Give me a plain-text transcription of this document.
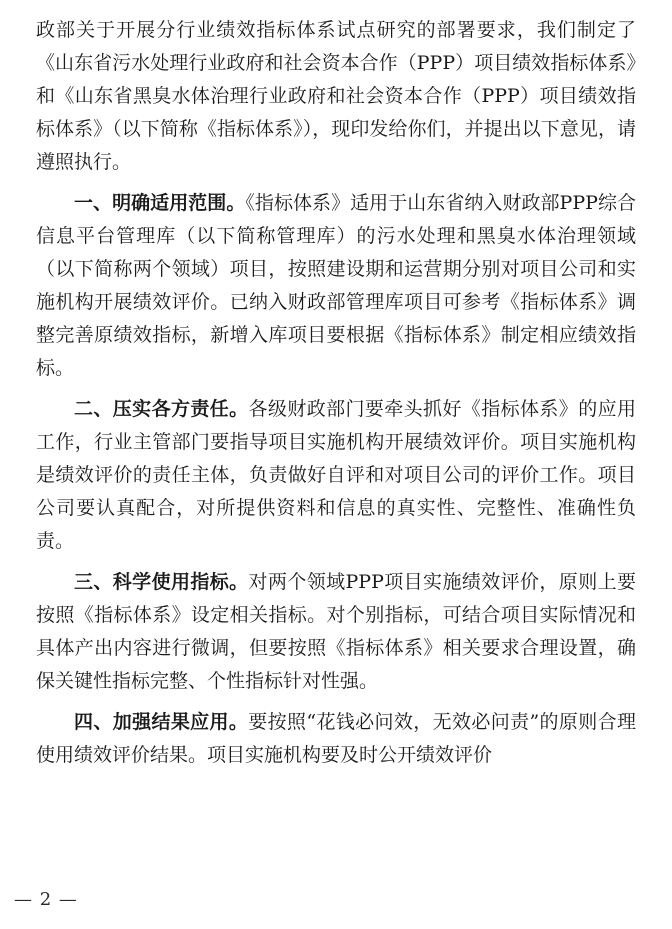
政部关于开展分行业绩效指标体系试点研究的部署要求，我们制定了《山东省污水处理行业政府和社会资本合作（PPP）项目绩效指标体系》和《山东省黑臭水体治理行业政府和社会资本合作（PPP）项目绩效指标体系》（以下简称《指标体系》），现印发给你们，并提出以下意见，请遵照执行。

一、明确适用范围。《指标体系》适用于山东省纳入财政部PPP综合信息平台管理库（以下简称管理库）的污水处理和黑臭水体治理领域（以下简称两个领域）项目，按照建设期和运营期分别对项目公司和实施机构开展绩效评价。已纳入财政部管理库项目可参考《指标体系》调整完善原绩效指标，新增入库项目要根据《指标体系》制定相应绩效指标。

二、压实各方责任。各级财政部门要牵头抓好《指标体系》的应用工作，行业主管部门要指导项目实施机构开展绩效评价。项目实施机构是绩效评价的责任主体，负责做好自评和对项目公司的评价工作。项目公司要认真配合，对所提供资料和信息的真实性、完整性、准确性负责。

三、科学使用指标。对两个领域PPP项目实施绩效评价，原则上要按照《指标体系》设定相关指标。对个别指标，可结合项目实际情况和具体产出内容进行微调，但要按照《指标体系》相关要求合理设置，确保关键性指标完整、个性指标针对性强。

四、加强结果应用。要按照“花钱必问效，无效必问责”的原则合理使用绩效评价结果。项目实施机构要及时公开绩效评价

— 2 —
